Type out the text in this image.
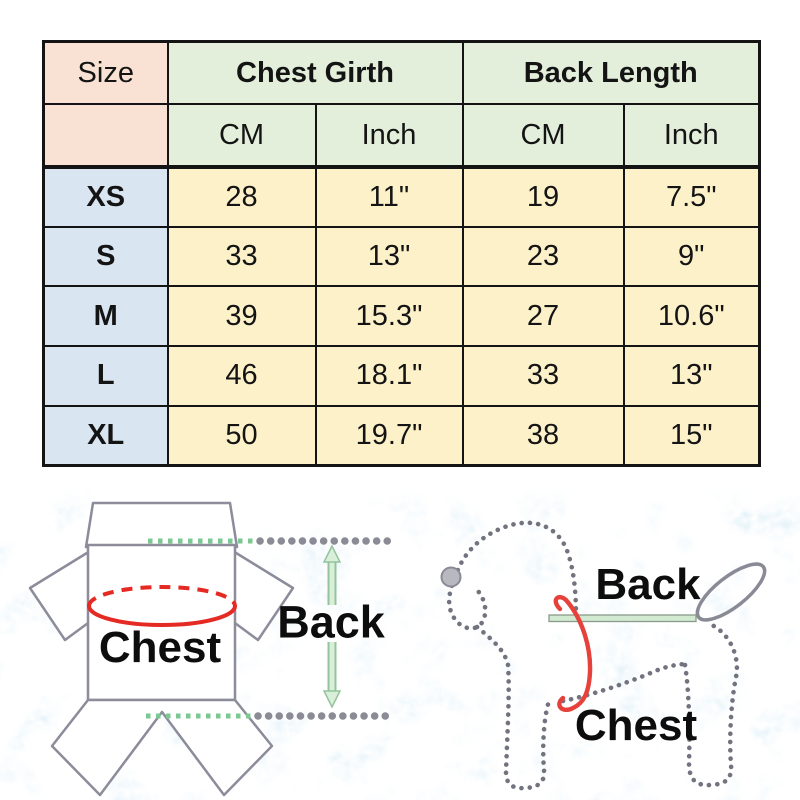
Size	Chest Girth		Back Length	
	CM	Inch	CM	Inch
XS	28	11"	19	7.5"
S	33	13"	23	9"
M	39	15.3"	27	10.6"
L	46	18.1"	33	13"
XL	50	19.7"	38	15"
Chest Back
Back
Chest
